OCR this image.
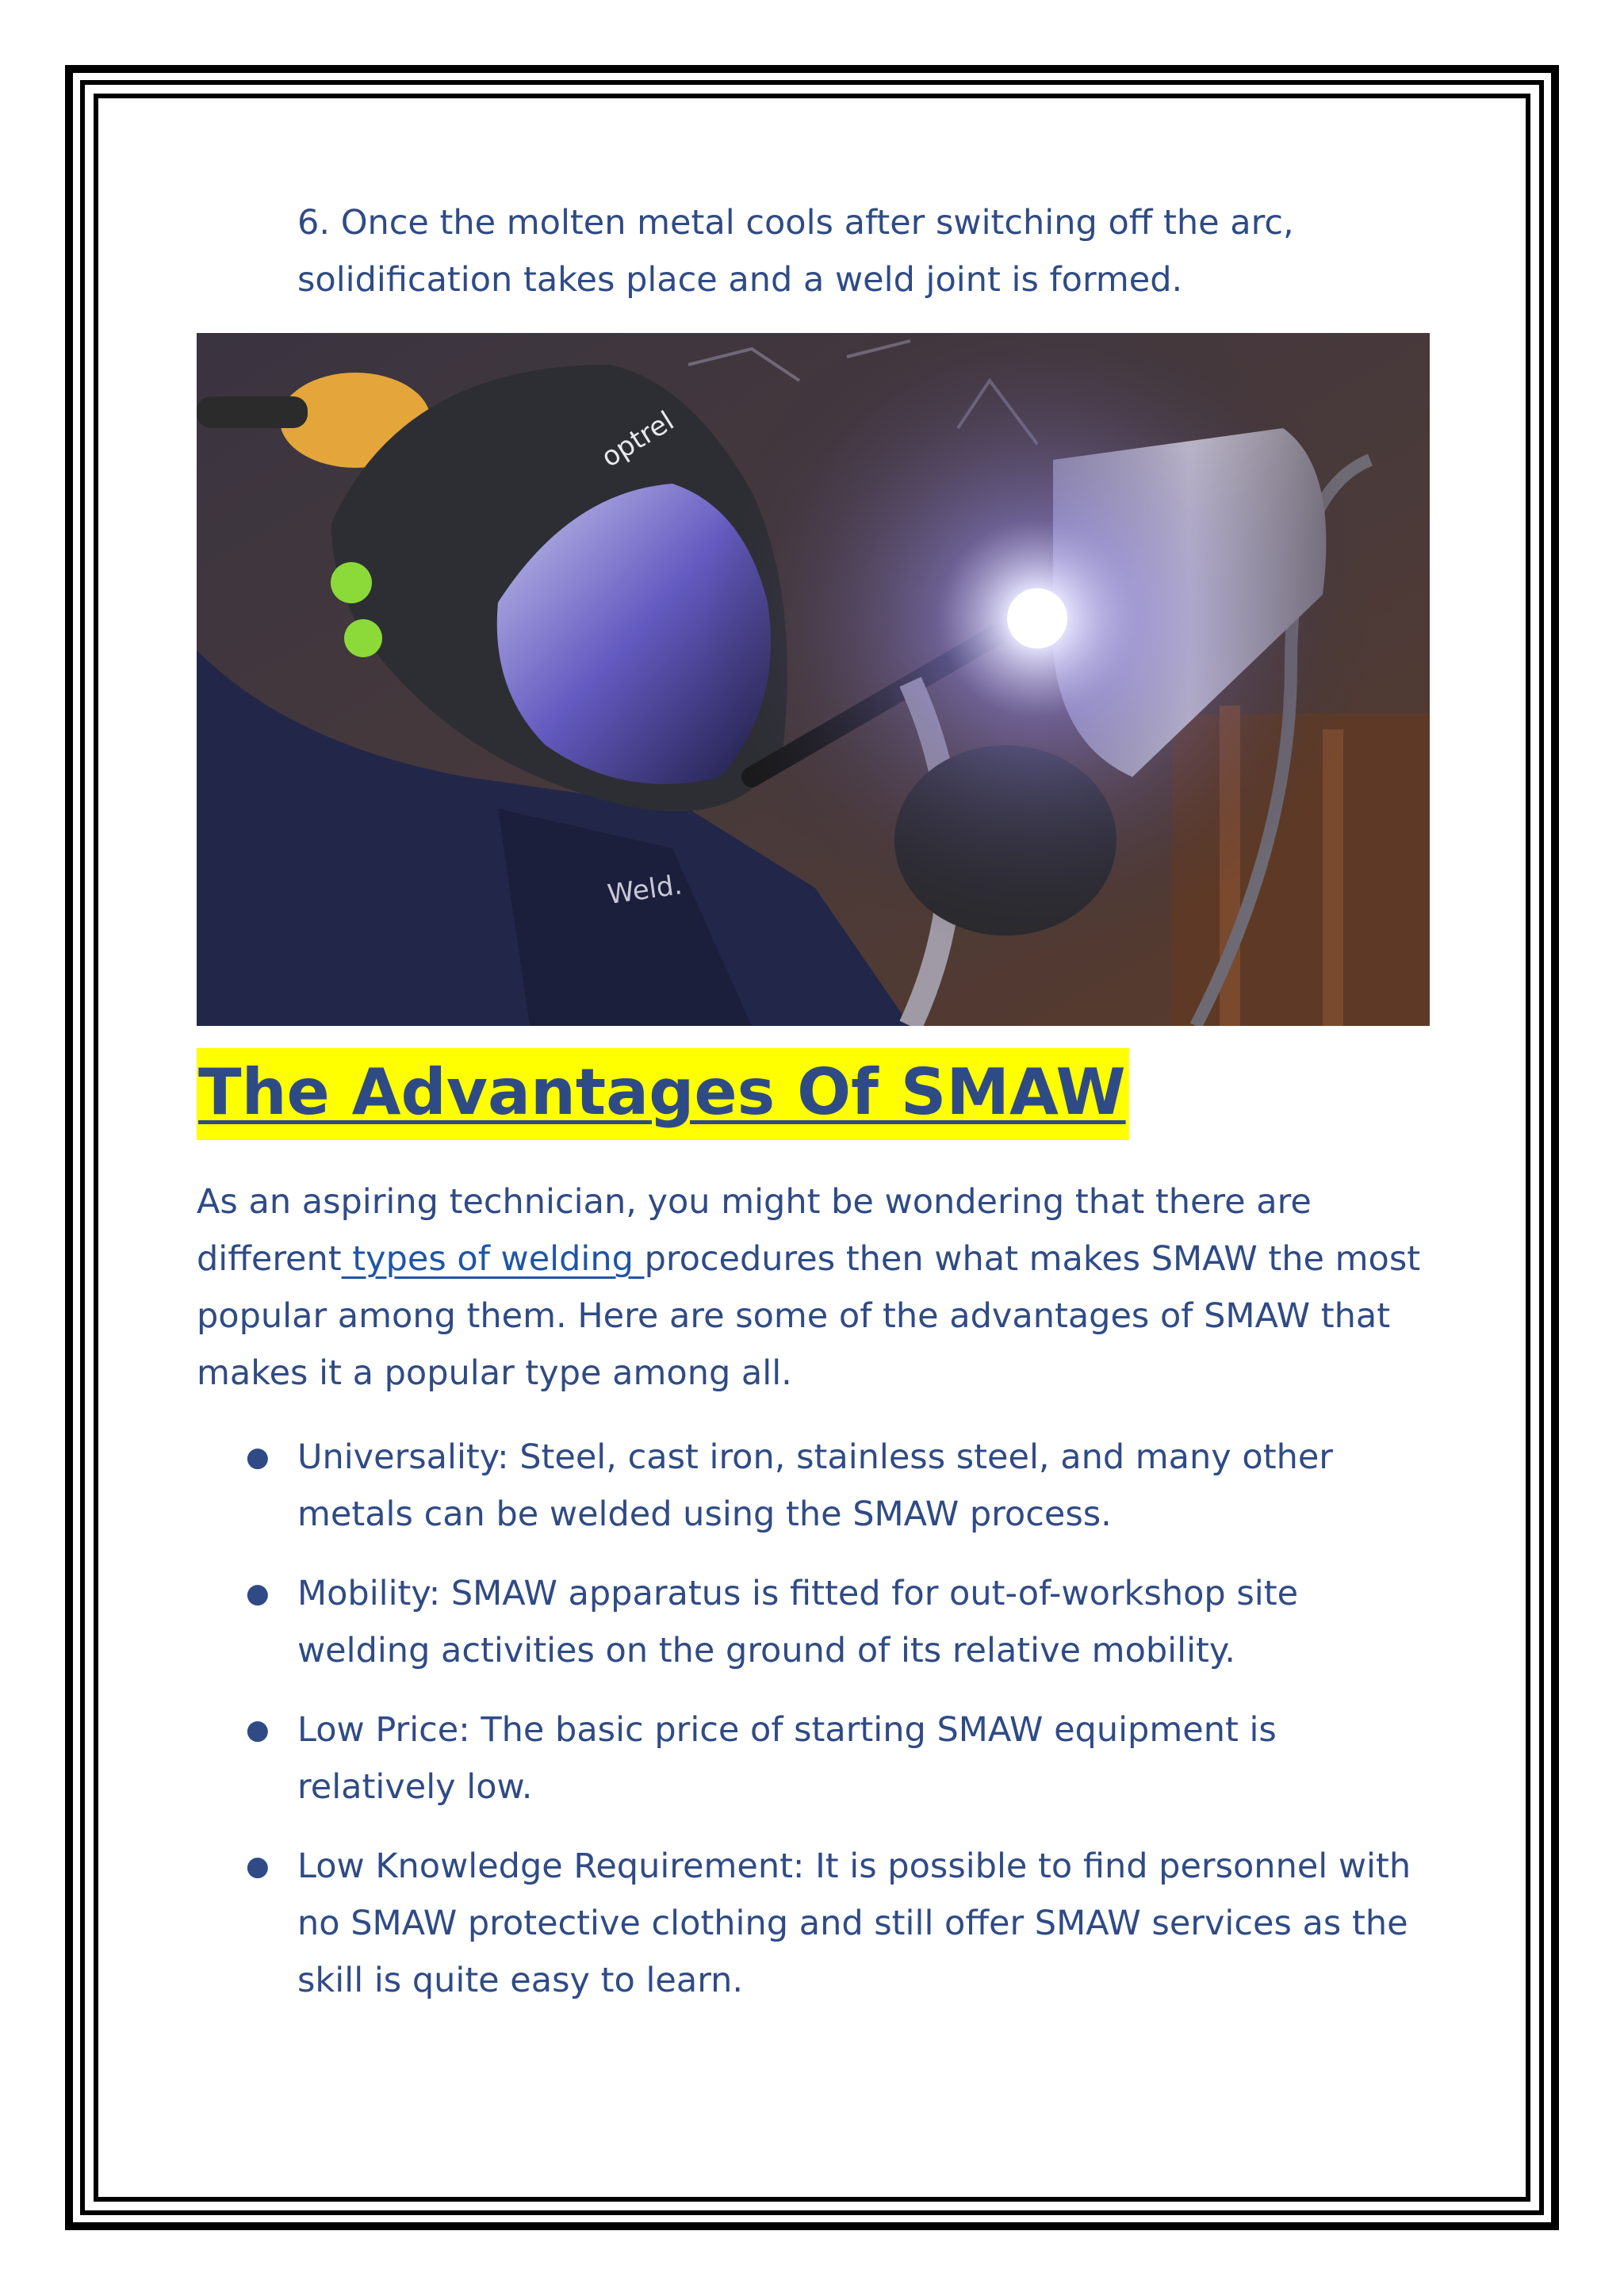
6. Once the molten metal cools after switching off the arc, solidification takes place and a weld joint is formed.

The Advantages Of SMAW

As an aspiring technician, you might be wondering that there are different types of welding procedures then what makes SMAW the most popular among them. Here are some of the advantages of SMAW that makes it a popular type among all.

● Universality: Steel, cast iron, stainless steel, and many other metals can be welded using the SMAW process.
● Mobility: SMAW apparatus is fitted for out-of-workshop site welding activities on the ground of its relative mobility.
● Low Price: The basic price of starting SMAW equipment is relatively low.
● Low Knowledge Requirement: It is possible to find personnel with no SMAW protective clothing and still offer SMAW services as the skill is quite easy to learn.
